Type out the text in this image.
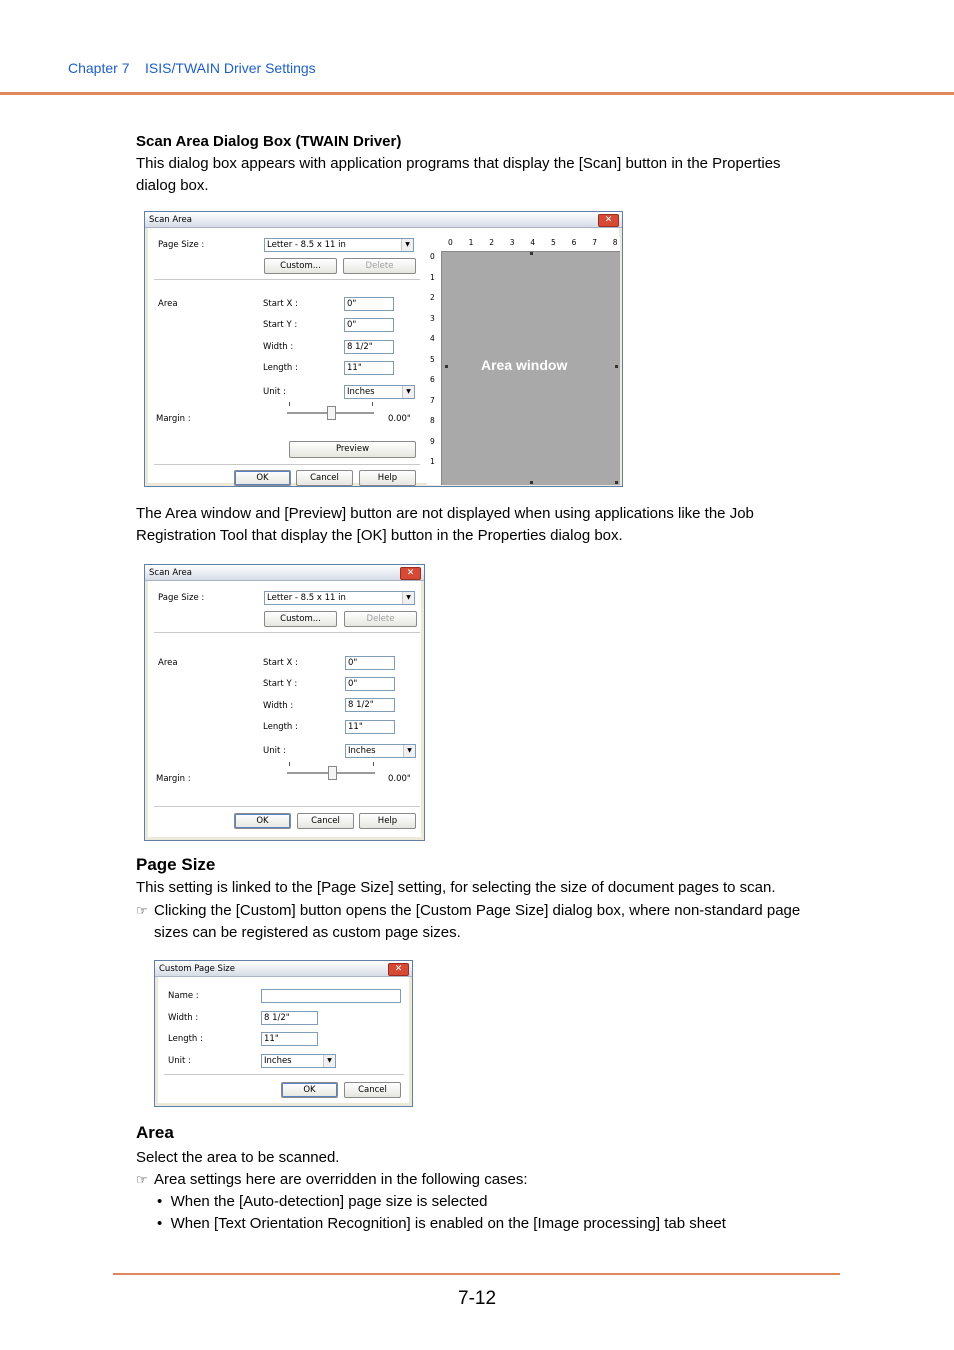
Chapter 7 ISIS/TWAIN Driver Settings
Scan Area Dialog Box (TWAIN Driver)
This dialog box appears with application programs that display the [Scan] button in the Properties
dialog box.
Scan Area	✕
Page Size :	Letter - 8.5 x 11 in	▼
Custom...	Delete
Area	Start X :	0"
Start Y :	0"
Width :	8 1/2"
Length :	11"
Unit :	Inches	▼
Margin :	0.00"
Preview
OK	Cancel	Help
0 1 2 3 4 5 6 7 8
0
1
2
3
4
5
6
7
8
9
1
Area window
The Area window and [Preview] button are not displayed when using applications like the Job
Registration Tool that display the [OK] button in the Properties dialog box.
Scan Area	✕
Page Size :	Letter - 8.5 x 11 in	▼
Custom...	Delete
Area	Start X :	0"
Start Y :	0"
Width :	8 1/2"
Length :	11"
Unit :	Inches	▼
Margin :	0.00"
OK	Cancel	Help
Page Size
This setting is linked to the [Page Size] setting, for selecting the size of document pages to scan.
☞ Clicking the [Custom] button opens the [Custom Page Size] dialog box, where non-standard page
sizes can be registered as custom page sizes.
Custom Page Size	✕
Name :
Width :	8 1/2"
Length :	11"
Unit :	Inches	▼
OK	Cancel
Area
Select the area to be scanned.
☞ Area settings here are overridden in the following cases:
•  When the [Auto-detection] page size is selected
•  When [Text Orientation Recognition] is enabled on the [Image processing] tab sheet
7-12
